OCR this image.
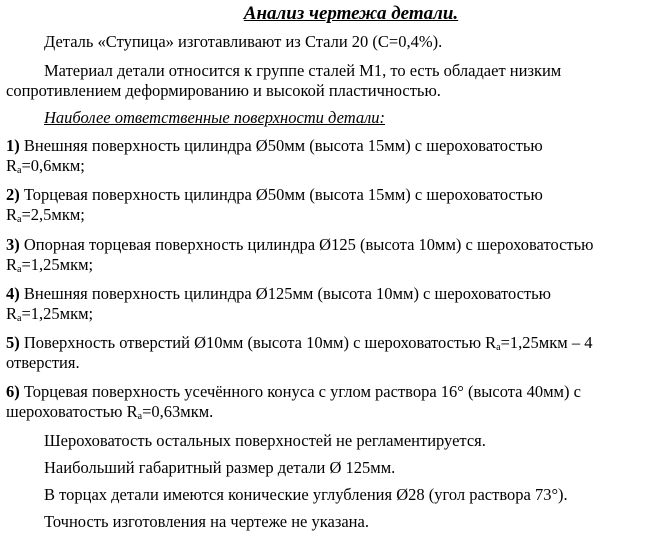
Анализ чертежа детали.

Деталь «Ступица» изготавливают из Стали 20 (С=0,4%).

Материал детали относится к группе сталей М1, то есть обладает низким сопротивлением деформированию и высокой пластичностью.

Наиболее ответственные поверхности детали:

1) Внешняя поверхность цилиндра Ø50мм (высота 15мм) с шероховатостью
$R_a=0,6мкм$;

2) Торцевая поверхность цилиндра Ø50мм (высота 15мм) с шероховатостью
$R_a=2,5мкм$;

3) Опорная торцевая поверхность цилиндра Ø125 (высота 10мм) с шероховатостью
$R_a=1,25мкм$;

4) Внешняя поверхность цилиндра Ø125мм (высота 10мм) с шероховатостью
$R_a=1,25мкм$;

5) Поверхность отверстий Ø10мм (высота 10мм) с шероховатостью $R_a=1,25мкм - 4$
отверстия.

6) Торцевая поверхность усечённого конуса с углом раствора 16° (высота 40мм) с шероховатостью $R_a=0,63мкм$.

Шероховатость остальных поверхностей не регламентируется.

Наибольший габаритный размер детали Ø 125мм.

В торцах детали имеются конические углубления Ø28 (угол раствора 73°).

Точность изготовления на чертеже не указана.
